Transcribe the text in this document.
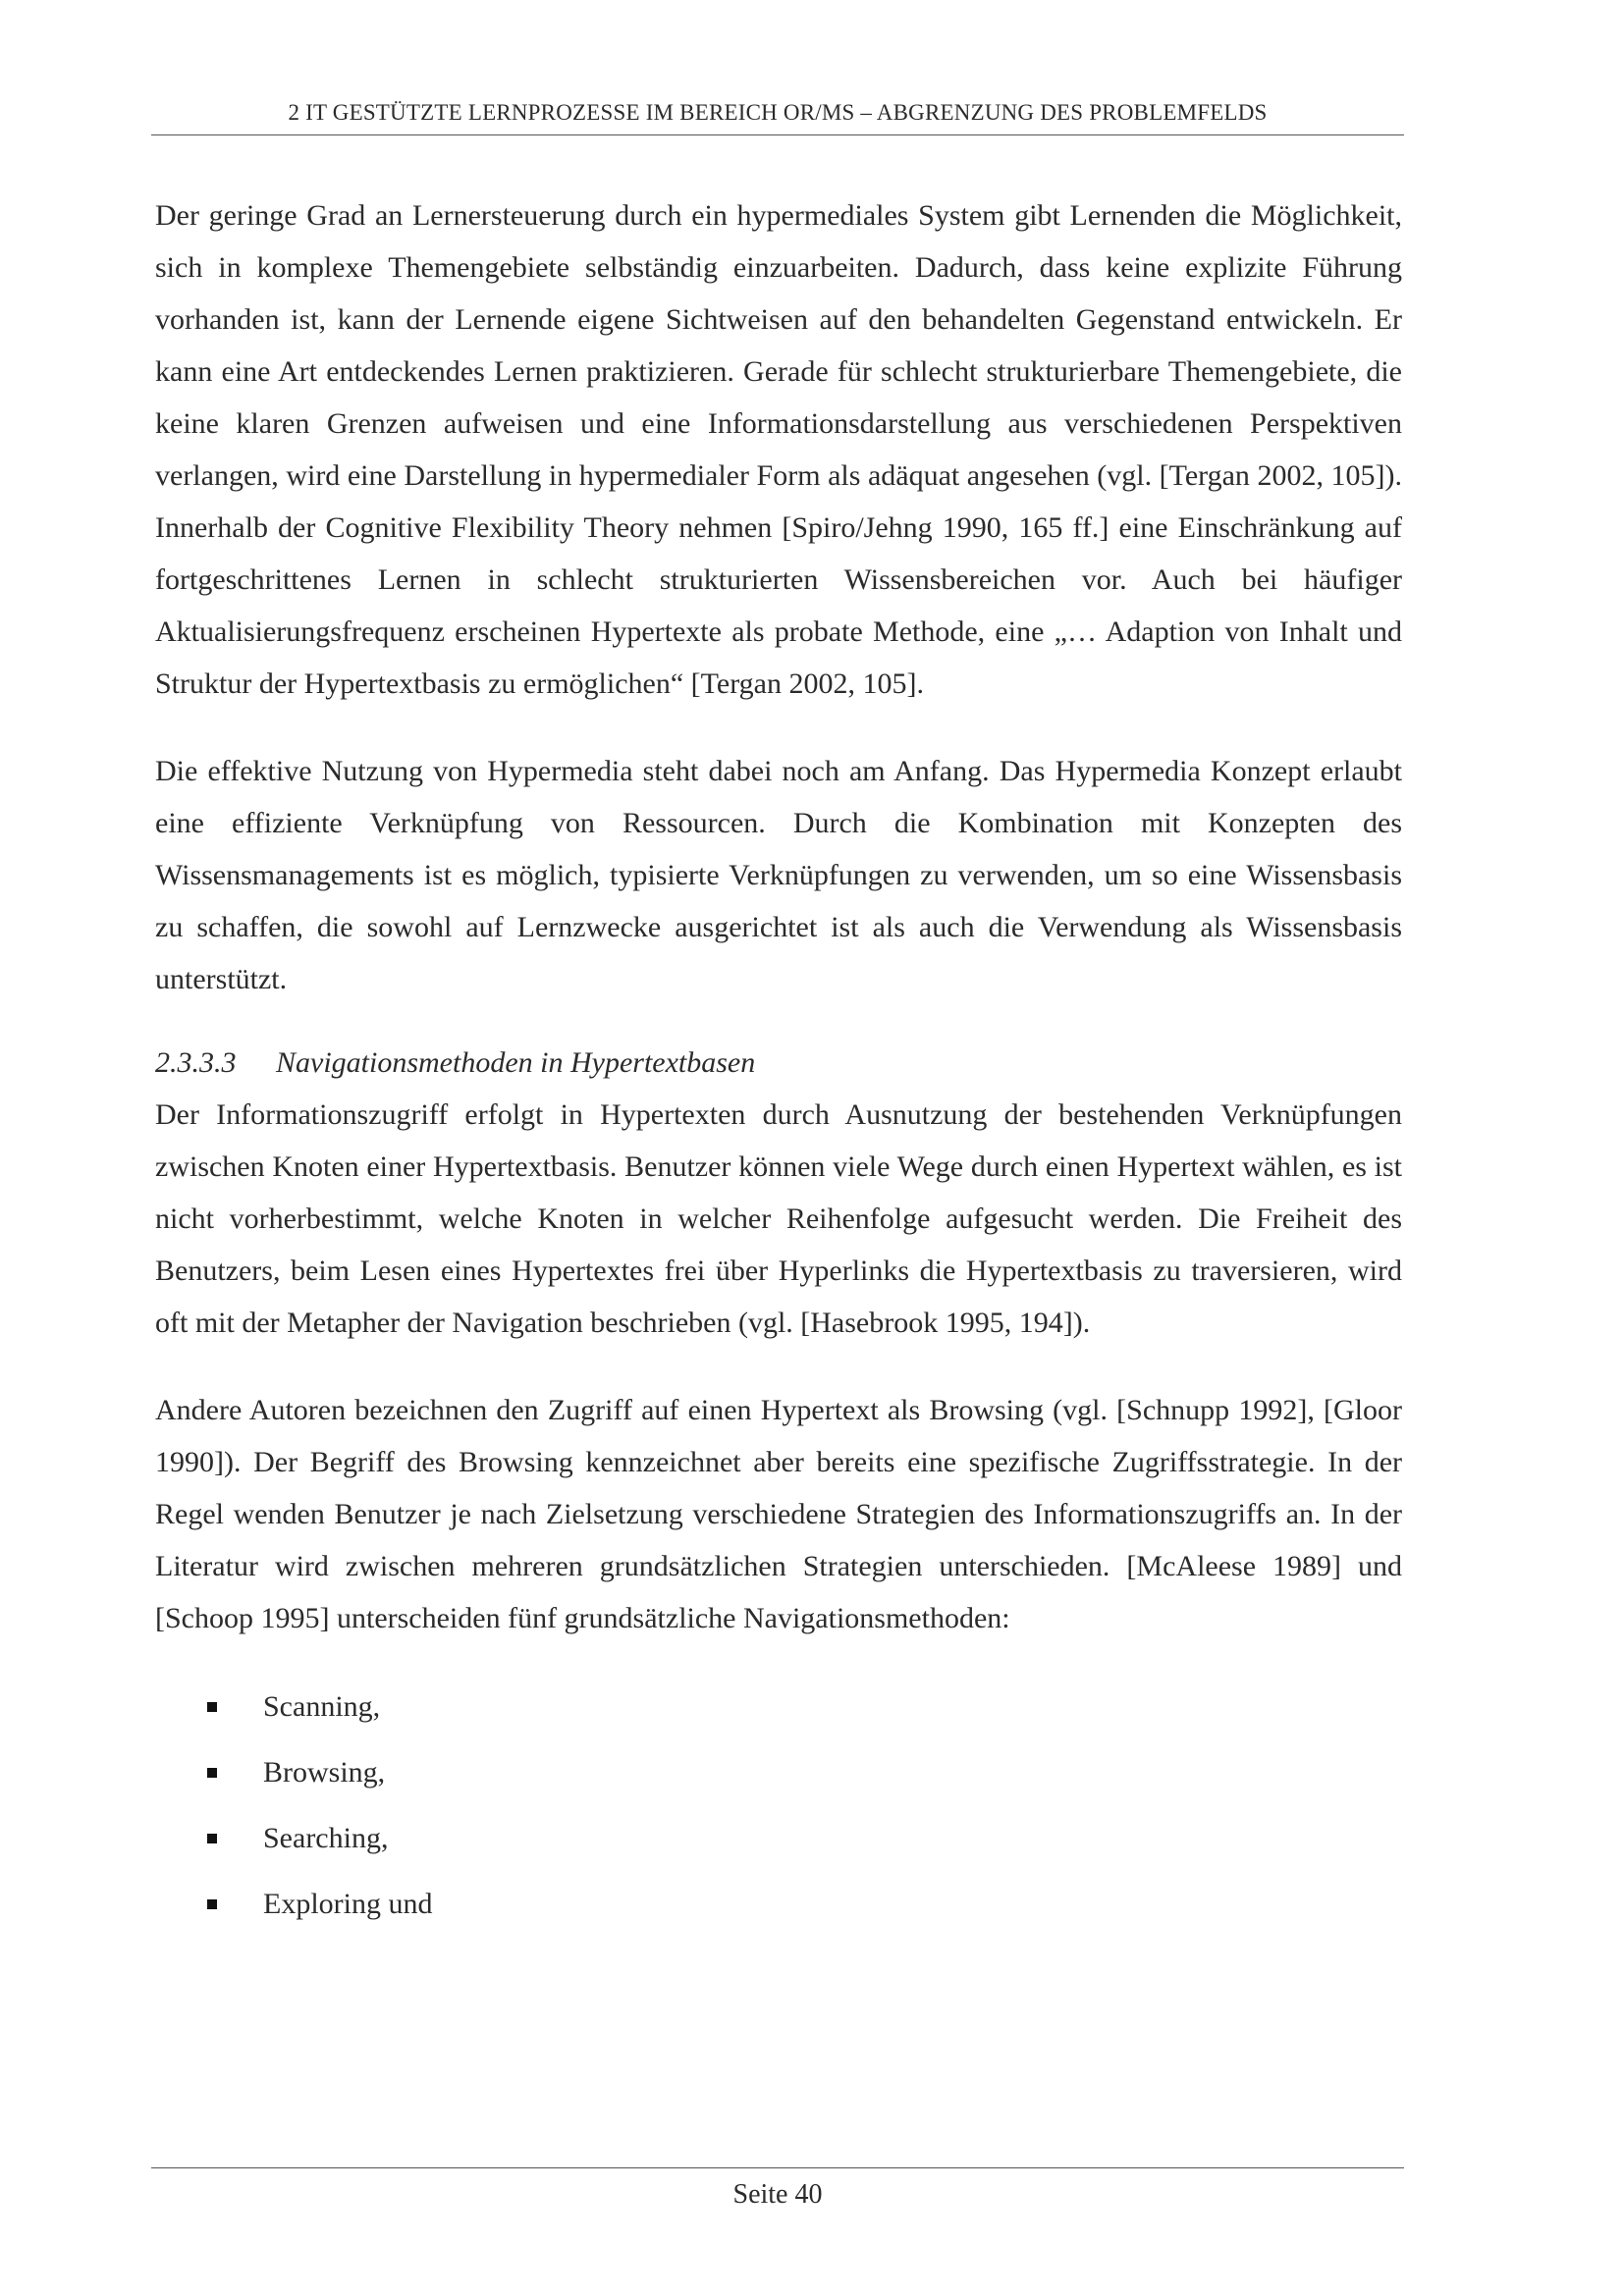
2 IT GESTÜTZTE LERNPROZESSE IM BEREICH OR/MS – ABGRENZUNG DES PROBLEMFELDS

Der geringe Grad an Lernersteuerung durch ein hypermediales System gibt Lernenden die Möglichkeit, sich in komplexe Themengebiete selbständig einzuarbeiten. Dadurch, dass keine explizite Führung vorhanden ist, kann der Lernende eigene Sichtweisen auf den behandelten Gegenstand entwickeln. Er kann eine Art entdeckendes Lernen praktizieren. Gerade für schlecht strukturierbare Themengebiete, die keine klaren Grenzen aufweisen und eine Informationsdarstellung aus verschiedenen Perspektiven verlangen, wird eine Darstellung in hypermedialer Form als adäquat angesehen (vgl. [Tergan 2002, 105]). Innerhalb der Cognitive Flexibility Theory nehmen [Spiro/Jehng 1990, 165 ff.] eine Einschränkung auf fortgeschrittenes Lernen in schlecht strukturierten Wissensbereichen vor. Auch bei häufiger Aktualisierungsfrequenz erscheinen Hypertexte als probate Methode, eine „… Adaption von Inhalt und Struktur der Hypertextbasis zu ermöglichen“ [Tergan 2002, 105].

Die effektive Nutzung von Hypermedia steht dabei noch am Anfang. Das Hypermedia Konzept erlaubt eine effiziente Verknüpfung von Ressourcen. Durch die Kombination mit Konzepten des Wissensmanagements ist es möglich, typisierte Verknüpfungen zu verwenden, um so eine Wissensbasis zu schaffen, die sowohl auf Lernzwecke ausgerichtet ist als auch die Verwendung als Wissensbasis unterstützt.

2.3.3.3	Navigationsmethoden in Hypertextbasen

Der Informationszugriff erfolgt in Hypertexten durch Ausnutzung der bestehenden Verknüpfungen zwischen Knoten einer Hypertextbasis. Benutzer können viele Wege durch einen Hypertext wählen, es ist nicht vorherbestimmt, welche Knoten in welcher Reihenfolge aufgesucht werden. Die Freiheit des Benutzers, beim Lesen eines Hypertextes frei über Hyperlinks die Hypertextbasis zu traversieren, wird oft mit der Metapher der Navigation beschrieben (vgl. [Hasebrook 1995, 194]).

Andere Autoren bezeichnen den Zugriff auf einen Hypertext als Browsing (vgl. [Schnupp 1992], [Gloor 1990]). Der Begriff des Browsing kennzeichnet aber bereits eine spezifische Zugriffsstrategie. In der Regel wenden Benutzer je nach Zielsetzung verschiedene Strategien des Informationszugriffs an. In der Literatur wird zwischen mehreren grundsätzlichen Strategien unterschieden. [McAleese 1989] und [Schoop 1995] unterscheiden fünf grundsätzliche Navigationsmethoden:

Scanning,
Browsing,
Searching,
Exploring und
Seite 40
